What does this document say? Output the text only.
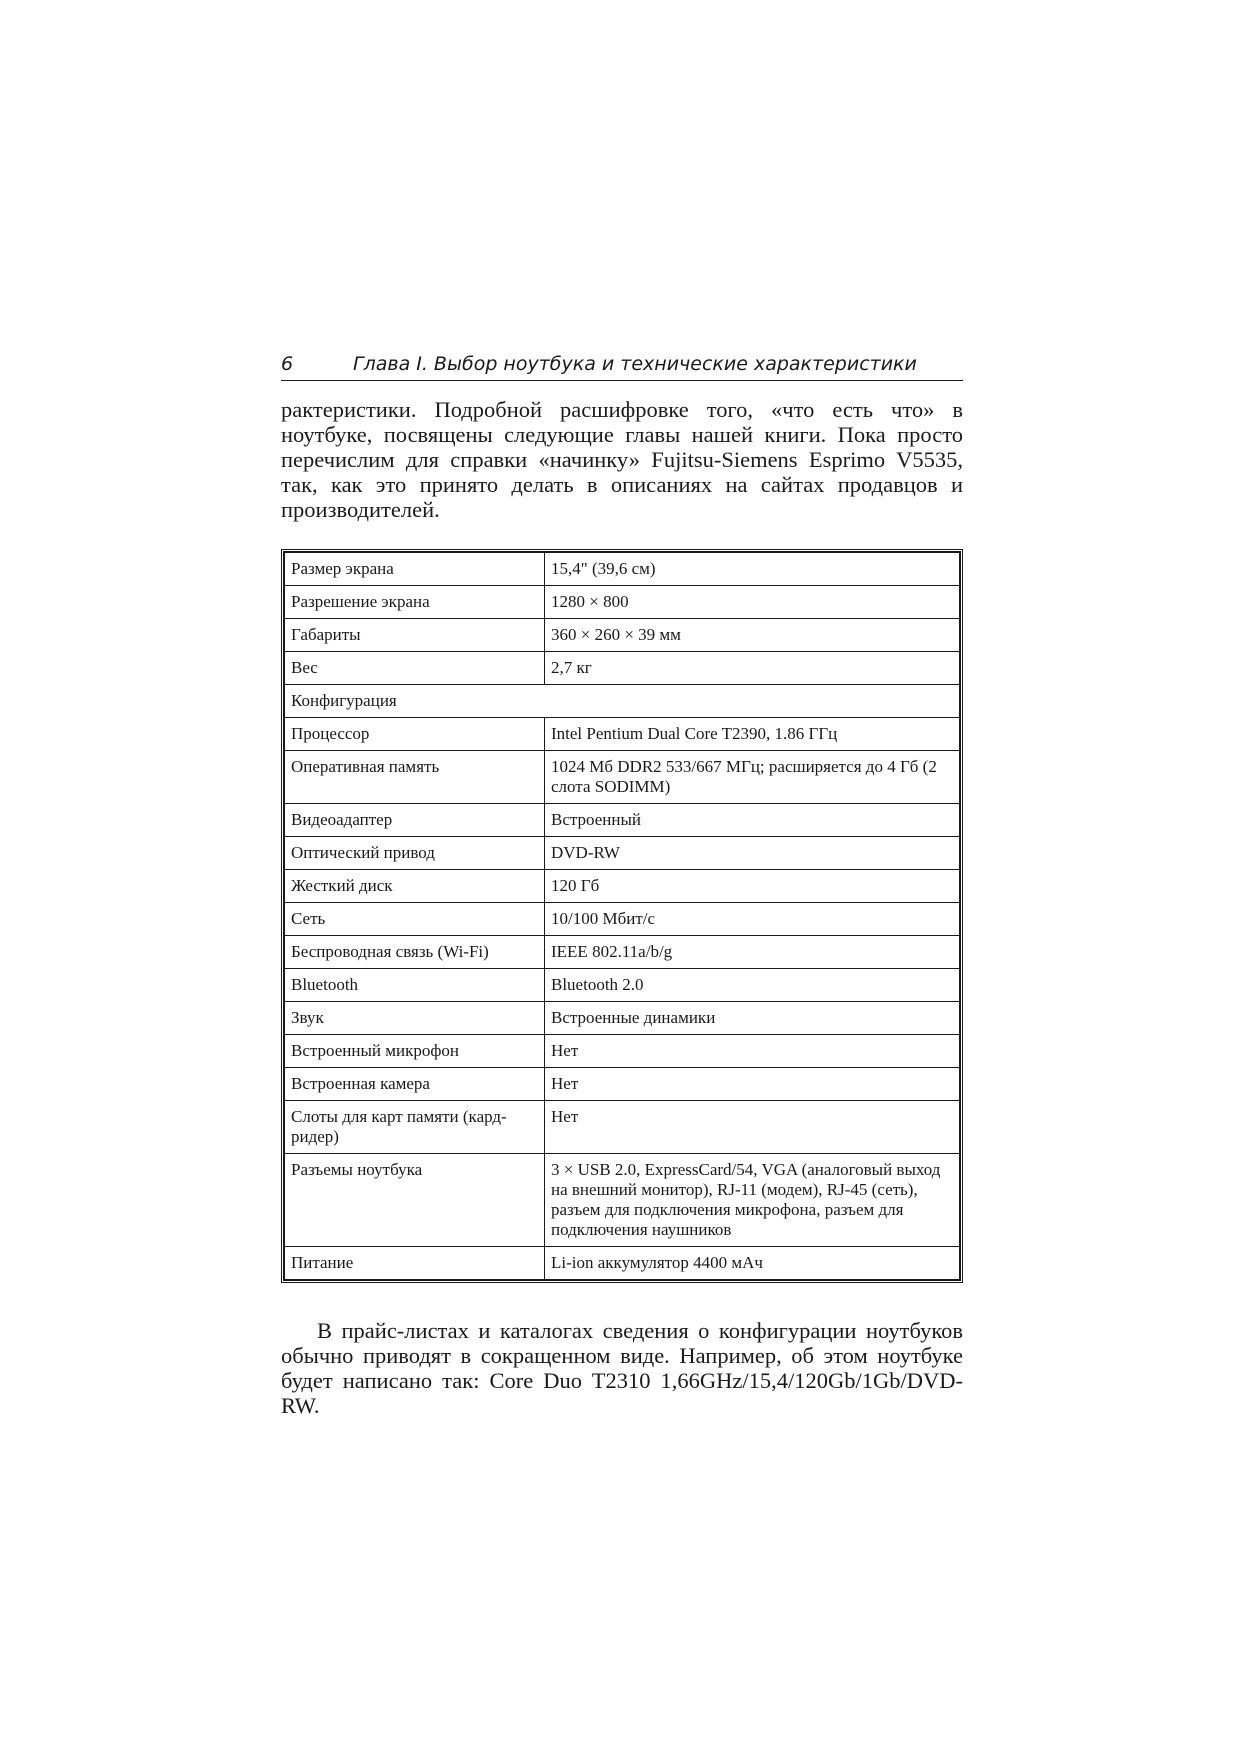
6	Глава I. Выбор ноутбука и технические характеристики

рактеристики. Подробной расшифровке того, «что есть что» в ноутбуке, посвящены следующие главы нашей книги. Пока просто перечислим для справки «начинку» Fujitsu-Siemens Esprimo V5535, так, как это принято делать в описаниях на сайтах продавцов и производителей.

Размер экрана	15,4" (39,6 см)
Разрешение экрана	1280 × 800
Габариты	360 × 260 × 39 мм
Вес	2,7 кг
Конфигурация	
Процессор	Intel Pentium Dual Core T2390, 1.86 ГГц
Оперативная память	1024 Мб DDR2 533/667 МГц; расширяется до 4 Гб (2 слота SODIMM)
Видеоадаптер	Встроенный
Оптический привод	DVD-RW
Жесткий диск	120 Гб
Сеть	10/100 Мбит/с
Беспроводная связь (Wi-Fi)	IEEE 802.11a/b/g
Bluetooth	Bluetooth 2.0
Звук	Встроенные динамики
Встроенный микрофон	Нет
Встроенная камера	Нет
Слоты для карт памяти (кард-ридер)	Нет
Разъемы ноутбука	3 × USB 2.0, ExpressCard/54, VGA (аналоговый выход на внешний монитор), RJ-11 (модем), RJ-45 (сеть), разъем для подключения микрофона, разъем для подключения наушников
Питание	Li-ion аккумулятор 4400 мАч

В прайс-листах и каталогах сведения о конфигурации ноутбуков обычно приводят в сокращенном виде. Например, об этом ноутбуке будет написано так: Core Duo T2310 1,66GHz/15,4/120Gb/1Gb/DVD-RW.
